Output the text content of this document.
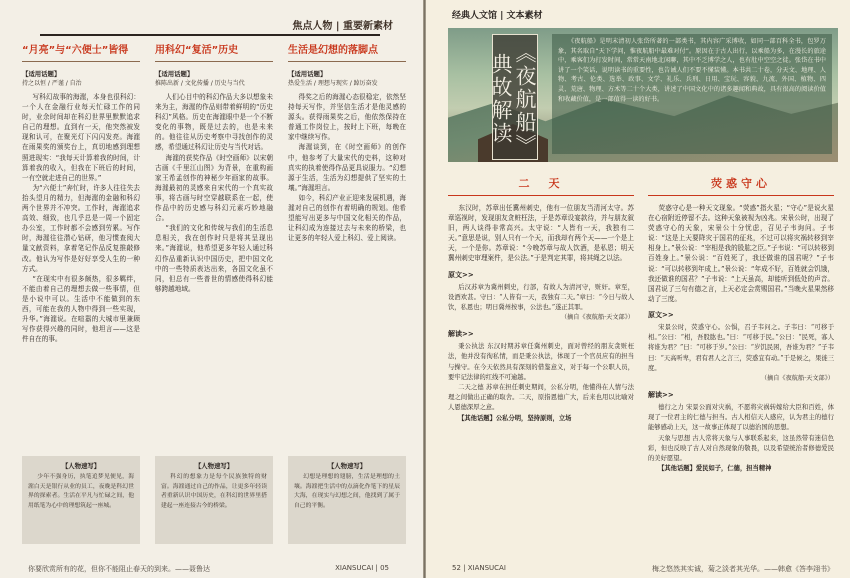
焦点人物 | 重要新素材
“月亮”与“六便士”皆得
【适用话题】
持之以恒 / 严谨 / 自治

写科幻故事的海漄，本身也很科幻：一个人在金融行业每天忙碌工作的同时，业余时间却在科幻世界里默默追求自己的理想。直到有一天，他突然被发现和认可，在聚光灯下闪闪发亮。海漄在雨果奖的颁奖台上，真切地感到理想照进现实：“我每天计算着我的时间，计算着我的收入，但我在下班后的时间，一有空就走进自己的世界。”

为“六便士”奔忙时，许多人往往失去抬头望月的精力，但海漄的金融和科幻两个世界并不冲突。工作时，海漄追求高效、细致，也几乎总是一周一个固定办公室，工作时都不会感到劳累。写作时，海漄往往潜心钻研，他习惯查阅大量文献资料，拿着笔记作品反复推敲修改。他认为写作是好好享受人生的一种方式。

“在现实中有很多颇热，很多羁绊，不能由着自己的理想去做一些事情，但是小说中可以。生活中不能做到的东西，可能在我的人物中得到一些实现，升华。”海漄说。在喧嚣的大城市里兼顾写作获得兴趣的同时，他坦言——这是件自在的事。

【人物速写】
少年不强身历，执笔追梦见便见，海漄白天是银行从业的员工，夜晚是科幻世界的探索者。生活在平凡与忙碌之间，他用纸笔为心中的理想筑起一座城。
用科幻“复活”历史
【适用话题】
推陈出新 / 文化传播 / 历史与当代

人们心目中的科幻作品大多以想象未来为主，海漄的作品则带着鲜明的“历史科幻”风格。历史在海漄眼中是一个不断变化的事物，既是过去的，也是未来的。他往往从历史考察中寻找创作的灵感，希望通过科幻让历史与当代对话。

海漄的获奖作品《时空画师》以宋朝古画《千里江山图》为背景，在重构画家王希孟创作的神秘少年画家的故事。海漄最初的灵感来自宋代的一个真实故事，将古画与时空穿越联系在一起，使作品中的历史感与科幻元素巧妙地融合。

“我们的文化和传统与我们的生活息息相关，我在创作时只是将其呈现出来。”海漄说，他希望更多年轻人通过科幻作品重新认识中国历史，把中国文化中的一些特质表达出来，各国文化虽不同，但总有一些普世的情感使得科幻能够跨越地域。

【人物速写】
科幻的想象力是每个民族独特的财富。海漄通过自己的作品，让更多年轻读者重新认识中国历史，在科幻的世界里搭建起一座连接古今的桥梁。
生活是幻想的落脚点
【适用话题】
热爱生活 / 理想与现实 / 踔厉奋发

得奖之后的海漄心态很稳定，依然坚持每天写作，并坚信生活才是他灵感的源头。获得雨果奖之后，他依然保持在普通工作岗位上，按时上下班，每晚在家中继续写作。

海漄谈到，在《时空画师》的创作中，他参考了大量宋代的史料，这种对真实的执着使得作品更具说服力。“幻想源于生活，生活为幻想提供了坚实的土壤。”海漄坦言。

如今，科幻产业正迎来发展机遇，海漄对自己的创作有着明确的规划。他希望能写出更多与中国文化相关的作品，让科幻成为连接过去与未来的桥梁，也让更多的年轻人爱上科幻、爱上阅读。

【人物速写】
幻想是理想的翅膀，生活是理想的土壤。海漄把生活中的点滴化作笔下的星辰大海，在现实与幻想之间，他找到了属于自己的平衡。
你要欣赏所有的花，但你不能阻止春天的到来。——聂鲁达	XIANSUCAI | 05
经典人文馆 | 文本素材
《夜航船》典故解读
《夜航船》是明末清初人张岱所著的一部类书，其内容广采博收，如同一部百科全书，包罗万象，其名取自“天下学问，惟夜航船中最难对付”。原因在于古人出行，以乘船为多，在漫长的旅途中，乘客们为打发时间，常常天南地北闲聊，其中不乏博学之人，也有肚中空空之徒。张岱在书中讲了一个笑话，说明读书的重要性，也告诫人们不要不懂装懂。本书共二十卷，分天文、地理、人物、考古、伦类、选举、政事、文学、礼乐、兵刑、日用、宝玩、容貌、九流、外国、植物、四灵、荒唐、物理、方术等二十个大类，讲述了中国文化中的诸多趣闻和典故，具有很高的阅读价值和收藏价值，是一部值得一读的好书。
二　天
东汉时，苏章出任冀州刺史，他有一位朋友当清河太守。苏章巡视时，发现朋友贪赃枉法，于是苏章设宴款待，并与朋友叙旧，两人谈得非常高兴。太守说：“人皆有一天，我独有二天。”意思是说，别人只有一个天，而我却有两个天——一个是上天，一个是你。苏章说：“今晚苏章与故人饮酒，是私恩；明天冀州刺史审理案件，是公法。”于是判定其罪，将其绳之以法。
原文>>
后汉苏章为冀州刺史，行部，有故人为清河守，赃奸。章至，设酒欢甚。守曰：“人皆有一天，我独有二天。”章曰：“今日与故人饮，私恩也；明日冀州按事，公法也。”遂正其罪。
（摘自《夜航船·天文部》）
解读>>
秉公执法 东汉时期苏章任冀州刺史，面对曾经的朋友贪赃枉法，他并没有徇私情，而是秉公执法，体现了一个官员应有的担当与操守。在今天依然具有深刻的借鉴意义，对于每一个公职人员，要牢记法律的红线不可逾越。
二天之德 苏章在担任刺史期间，公私分明，他懂得在人情与法理之间做出正确的取舍。二天，原指恩德广大，后来也用以比喻对人恩德深厚之意。
【其他话题】公私分明，坚持原则，立场
荧惑守心
荧惑守心是一种天文现象。“荧惑”指火星；“守心”是说火星在心宿附近停留不去。这种天象被视为凶兆。宋景公时，出现了荧惑守心的天象，宋景公十分忧虑，召见子韦询问。子韦说：“这是上天要降灾于国君的征兆，不过可以将灾祸转移到宰相身上。”景公说：“宰相是我的股肱之臣。”子韦说：“可以转移到百姓身上。”景公说：“百姓死了，我还做谁的国君呢？”子韦说：“可以转移到年成上。”景公说：“年成不好，百姓就会饥饿，我还做谁的国君？”子韦说：“上天虽高，却能听到低处的声音。国君说了三句有德之言，上天必定会赏赐国君。”当晚火星果然移动了三度。
原文>>
宋景公时，荧惑守心。公惧，召子韦问之。子韦曰：“可移于相。”公曰：“相，吾股肱也。”曰：“可移于民。”公曰：“民死，寡人将谁为君？”曰：“可移于岁。”公曰：“岁饥民困，吾谁为君？”子韦曰：“天高听卑，君有君人之言三，荧惑宜有动。”于是候之，果徙三度。
（摘自《夜航船·天文部》）
解读>>
德行之力 宋景公面对灾祸，不愿将灾祸转嫁给大臣和百姓，体现了一位君主的仁德与担当。古人相信天人感应，认为君主的德行能够感动上天，这一故事正体现了以德治国的思想。
天象与思想 古人常将天象与人事联系起来，这虽然带有迷信色彩，但也反映了古人对自然现象的敬畏，以及希望统治者修德爱民的美好愿望。
【其他话题】爱民如子，仁德，担当精神
52 | XIANSUCAI	梅之悠然其实诚，菊之淡者其光华。——韩愈《答李翊书》
